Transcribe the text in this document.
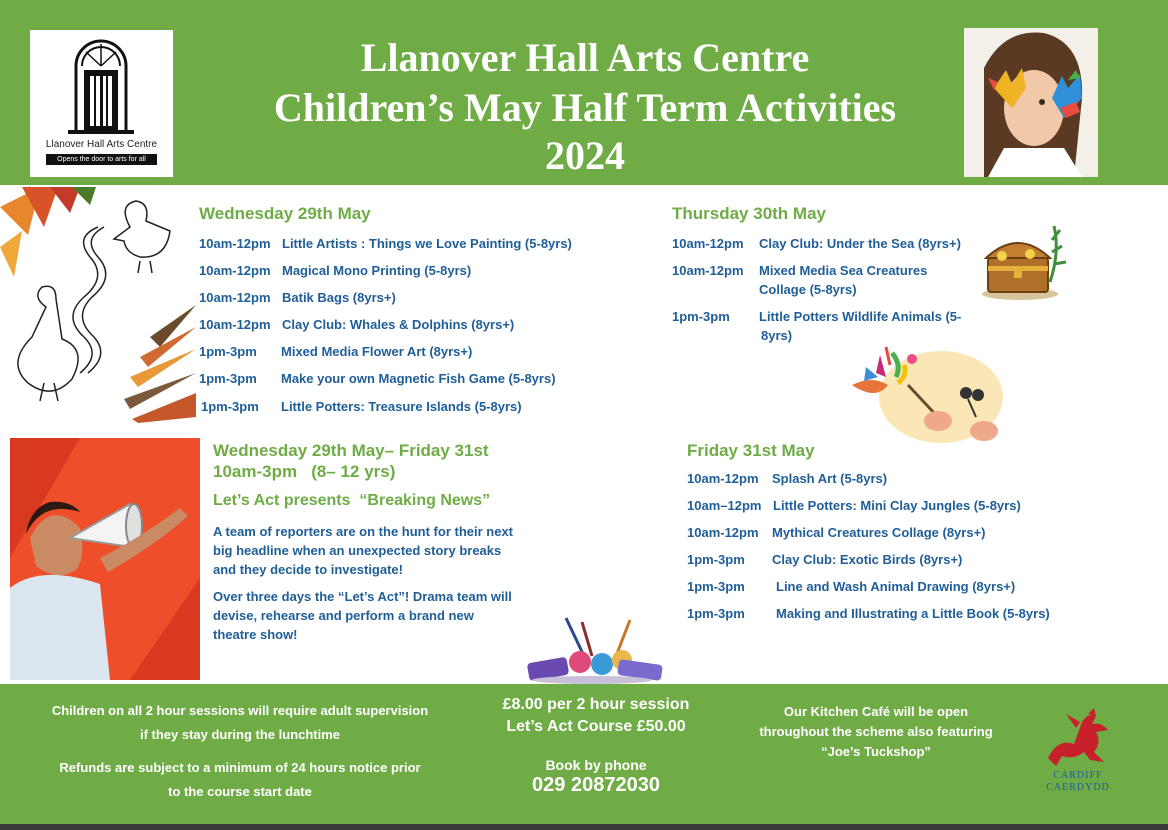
Llanover Hall Arts Centre
Opens the door to arts for all
Llanover Hall Arts Centre
Children’s May Half Term Activities
2024
Wednesday 29th May
10am-12pm Little Artists : Things we Love Painting (5-8yrs)
10am-12pm Magical Mono Printing (5-8yrs)
10am-12pm Batik Bags (8yrs+)
10am-12pm Clay Club: Whales & Dolphins (8yrs+)
1pm-3pm Mixed Media Flower Art (8yrs+)
1pm-3pm Make your own Magnetic Fish Game (5-8yrs)
1pm-3pm Little Potters: Treasure Islands (5-8yrs)
Thursday 30th May
10am-12pm Clay Club: Under the Sea (8yrs+)
10am-12pm Mixed Media Sea Creatures
Collage (5-8yrs)
1pm-3pm Little Potters Wildlife Animals (5-
8yrs)
Wednesday 29th May– Friday 31st
10am-3pm   (8– 12 yrs)
Let’s Act presents  “Breaking News”
A team of reporters are on the hunt for their next big headline when an unexpected story breaks and they decide to investigate!
Over three days the “Let’s Act”! Drama team will devise, rehearse and perform a brand new theatre show!
Friday 31st May
10am-12pm Splash Art (5-8yrs)
10am–12pm Little Potters: Mini Clay Jungles (5-8yrs)
10am-12pm Mythical Creatures Collage (8yrs+)
1pm-3pm Clay Club: Exotic Birds (8yrs+)
1pm-3pm Line and Wash Animal Drawing (8yrs+)
1pm-3pm Making and Illustrating a Little Book (5-8yrs)
Children on all 2 hour sessions will require adult supervision
if they stay during the lunchtime
Refunds are subject to a minimum of 24 hours notice prior
to the course start date
£8.00 per 2 hour session
Let’s Act Course £50.00
Book by phone
029 20872030
Our Kitchen Café will be open
throughout the scheme also featuring
“Joe’s Tuckshop”
CARDIFF
CAERDYDD
